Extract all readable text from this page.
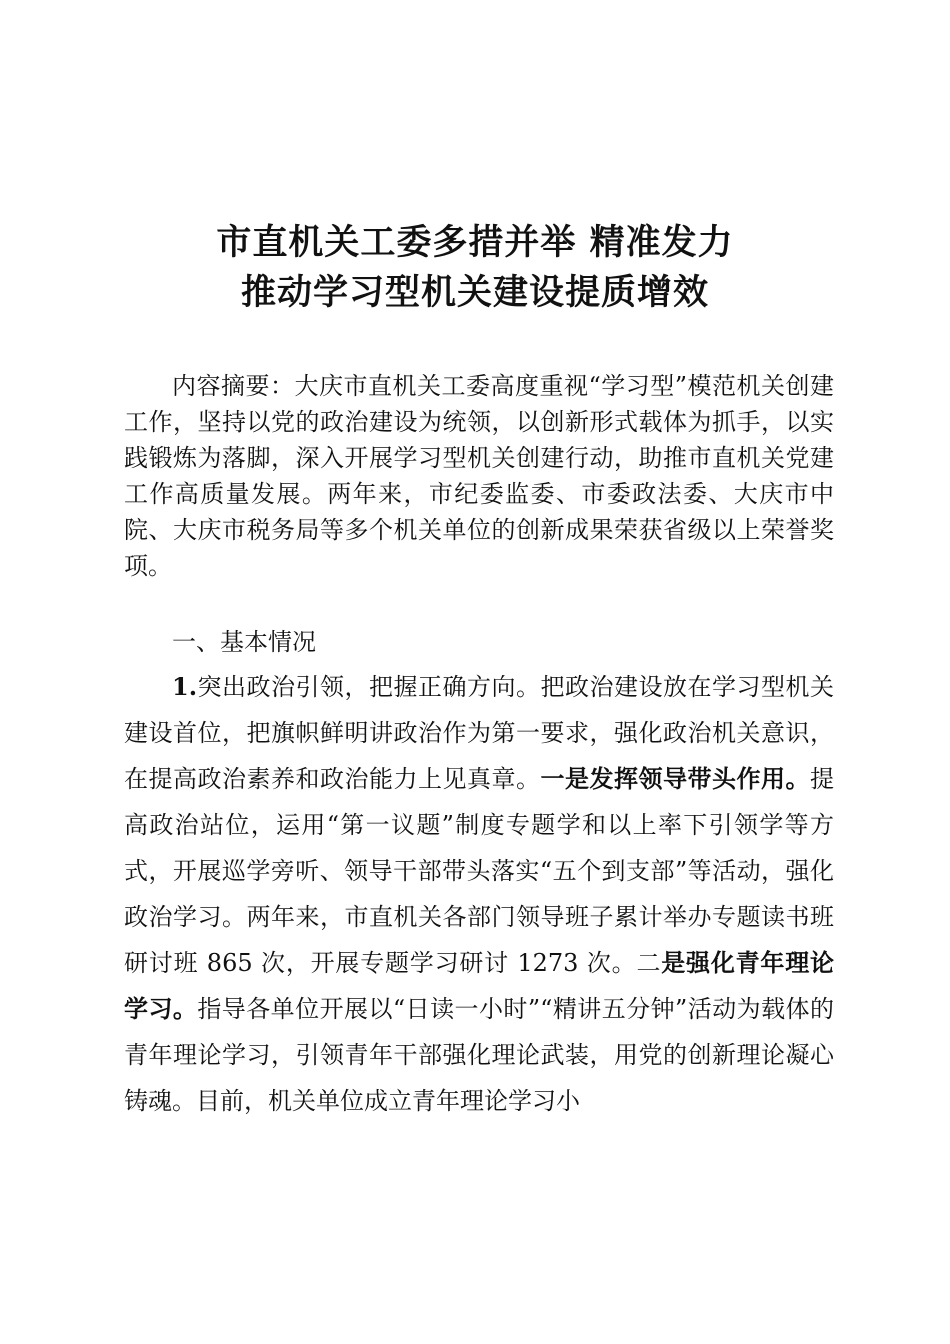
市直机关工委多措并举 精准发力
推动学习型机关建设提质增效

内容摘要：大庆市直机关工委高度重视“学习型”模范机关创建工作，坚持以党的政治建设为统领，以创新形式载体为抓手，以实践锻炼为落脚，深入开展学习型机关创建行动，助推市直机关党建工作高质量发展。两年来，市纪委监委、市委政法委、大庆市中院、大庆市税务局等多个机关单位的创新成果荣获省级以上荣誉奖项。

一、基本情况

1.突出政治引领，把握正确方向。把政治建设放在学习型机关建设首位，把旗帜鲜明讲政治作为第一要求，强化政治机关意识，在提高政治素养和政治能力上见真章。一是发挥领导带头作用。提高政治站位，运用“第一议题”制度专题学和以上率下引领学等方式，开展巡学旁听、领导干部带头落实“五个到支部”等活动，强化政治学习。两年来，市直机关各部门领导班子累计举办专题读书班研讨班 865 次，开展专题学习研讨 1273 次。二是强化青年理论学习。指导各单位开展以“日读一小时”“精讲五分钟”活动为载体的青年理论学习，引领青年干部强化理论武装，用党的创新理论凝心铸魂。目前，机关单位成立青年理论学习小
